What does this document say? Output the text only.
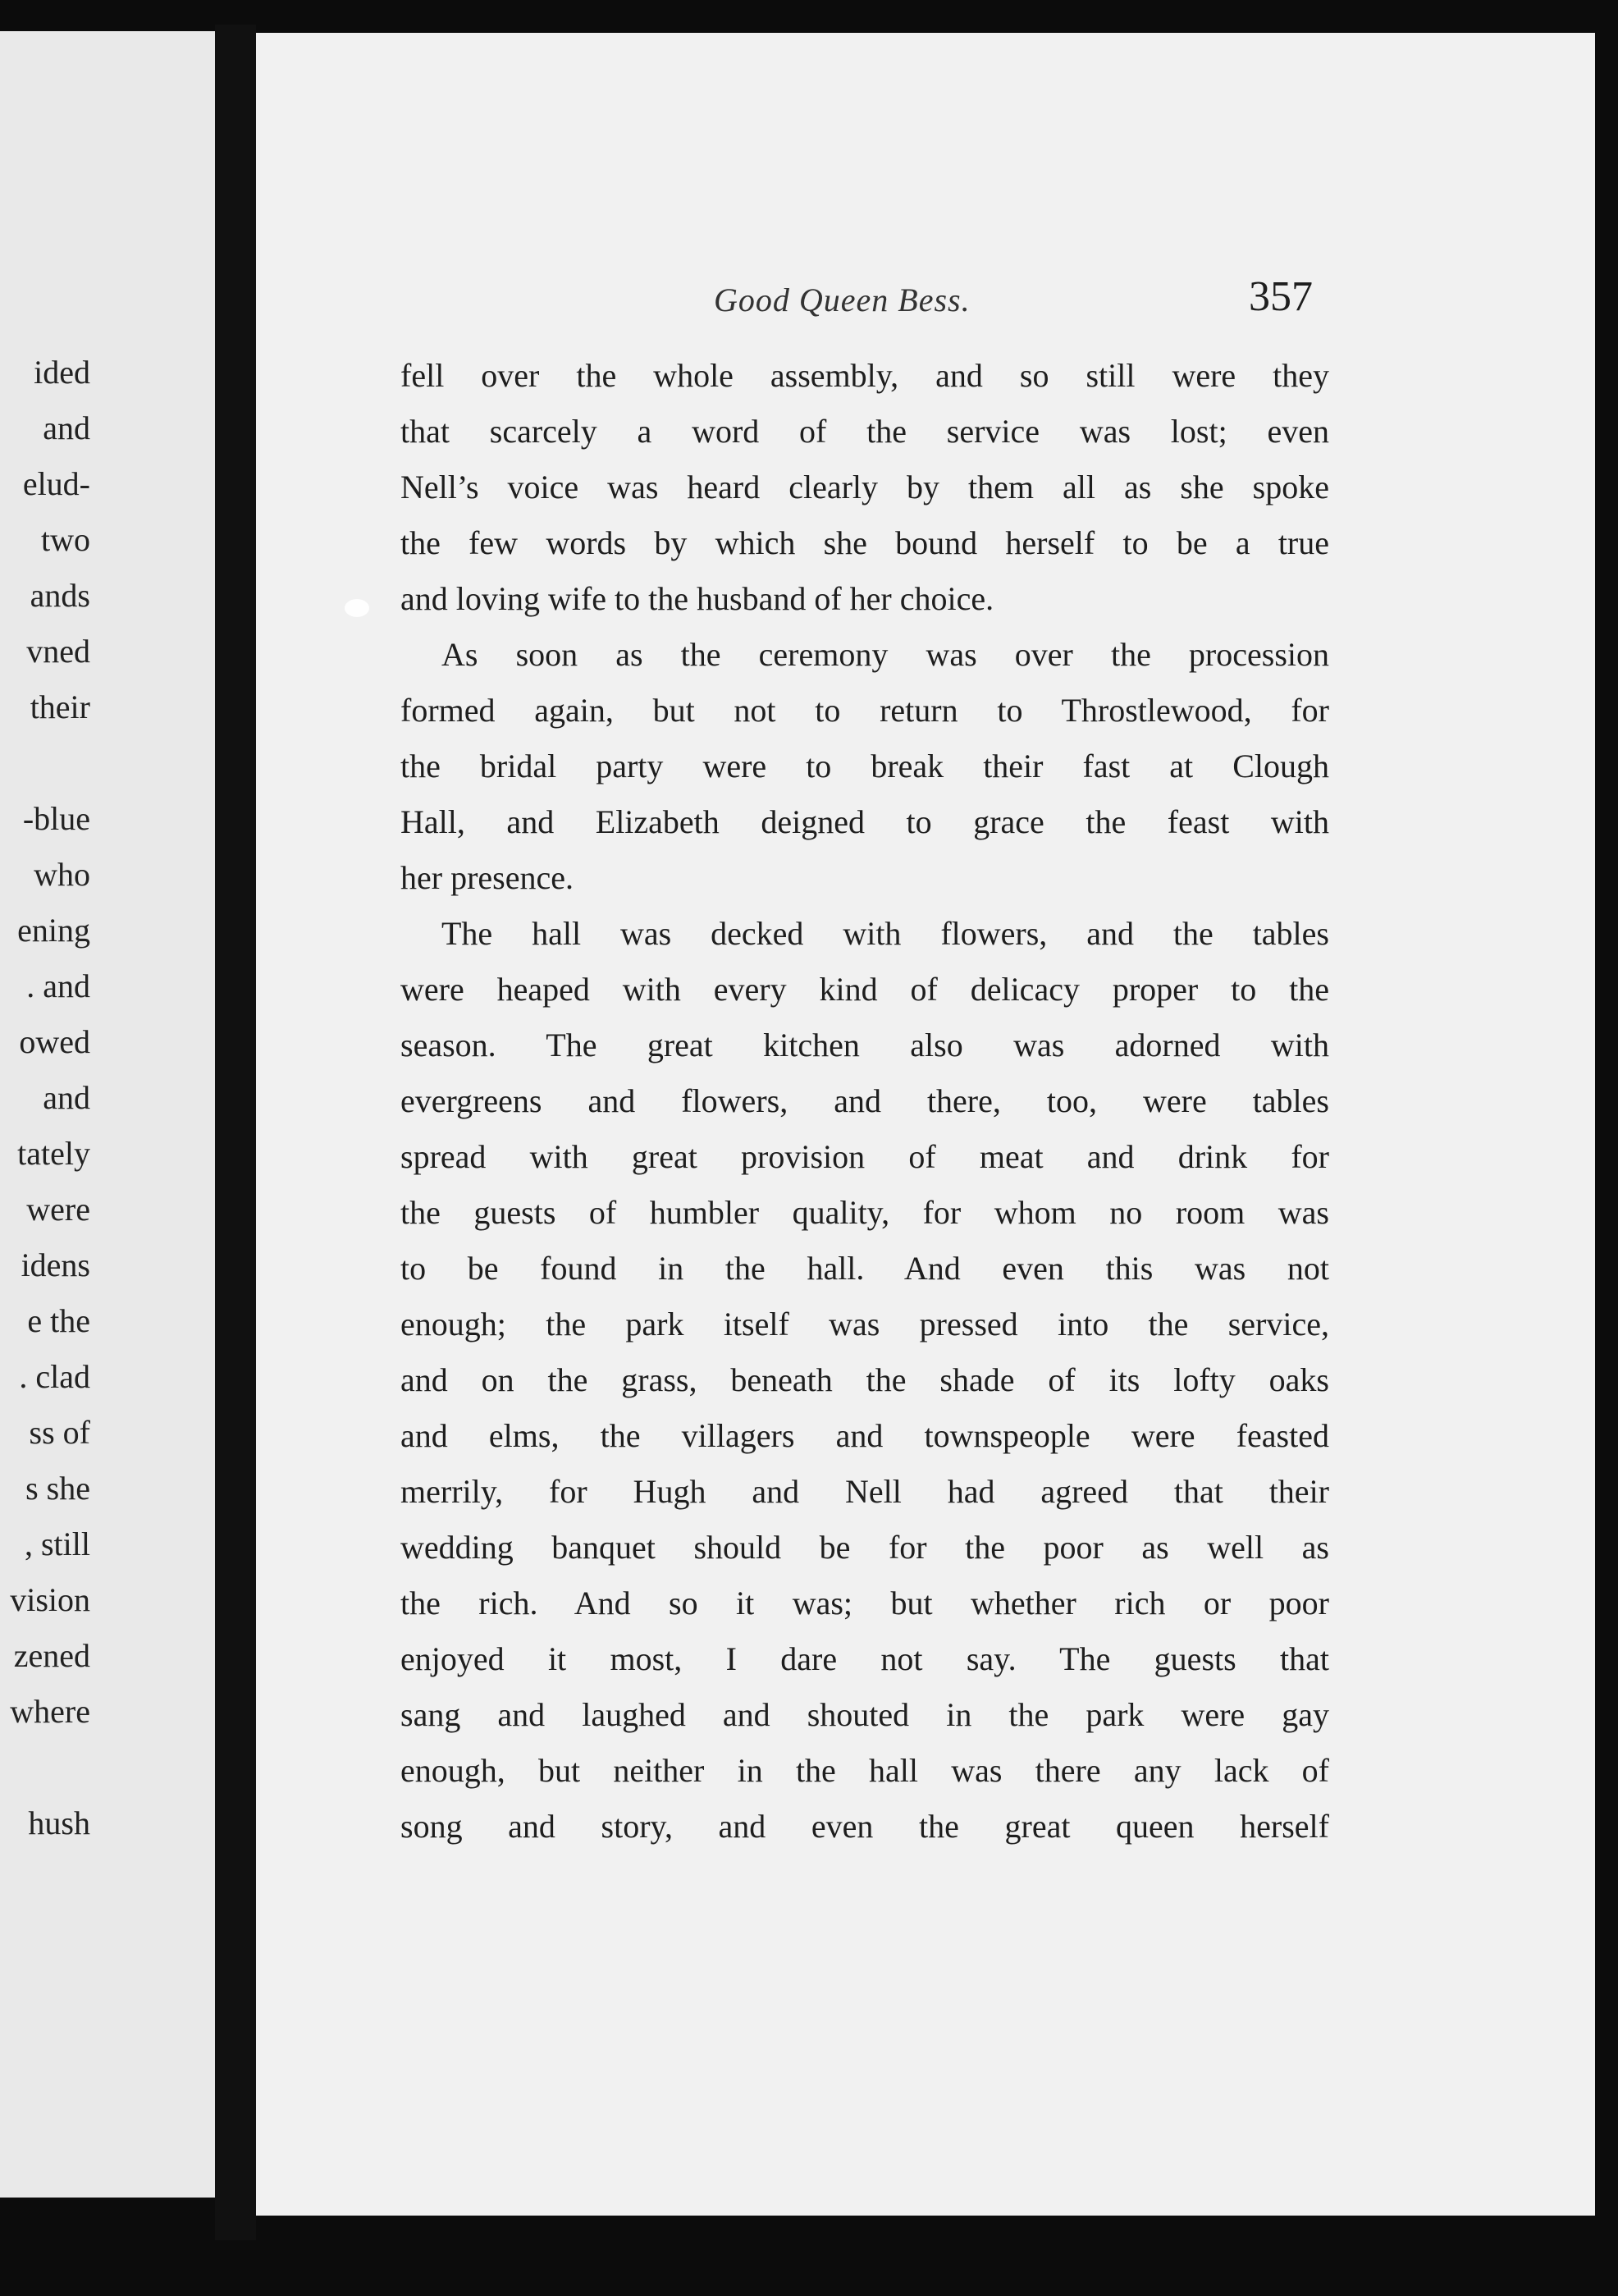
ided
and
elud-
two
ands
vned
their
-blue
who
ening
. and
owed
and
tately
were
idens
e the
. clad
ss of
s she
, still
vision
zened
where
hush
Good Queen Bess.	357
fell over the whole assembly, and so still were they
that scarcely a word of the service was lost; even
Nell’s voice was heard clearly by them all as she spoke
the few words by which she bound herself to be a true
and loving wife to the husband of her choice.
As soon as the ceremony was over the procession
formed again, but not to return to Throstlewood, for
the bridal party were to break their fast at Clough
Hall, and Elizabeth deigned to grace the feast with
her presence.
The hall was decked with flowers, and the tables
were heaped with every kind of delicacy proper to the
season. The great kitchen also was adorned with
evergreens and flowers, and there, too, were tables
spread with great provision of meat and drink for
the guests of humbler quality, for whom no room was
to be found in the hall. And even this was not
enough; the park itself was pressed into the service,
and on the grass, beneath the shade of its lofty oaks
and elms, the villagers and townspeople were feasted
merrily, for Hugh and Nell had agreed that their
wedding banquet should be for the poor as well as
the rich. And so it was; but whether rich or poor
enjoyed it most, I dare not say. The guests that
sang and laughed and shouted in the park were gay
enough, but neither in the hall was there any lack of
song and story, and even the great queen herself
